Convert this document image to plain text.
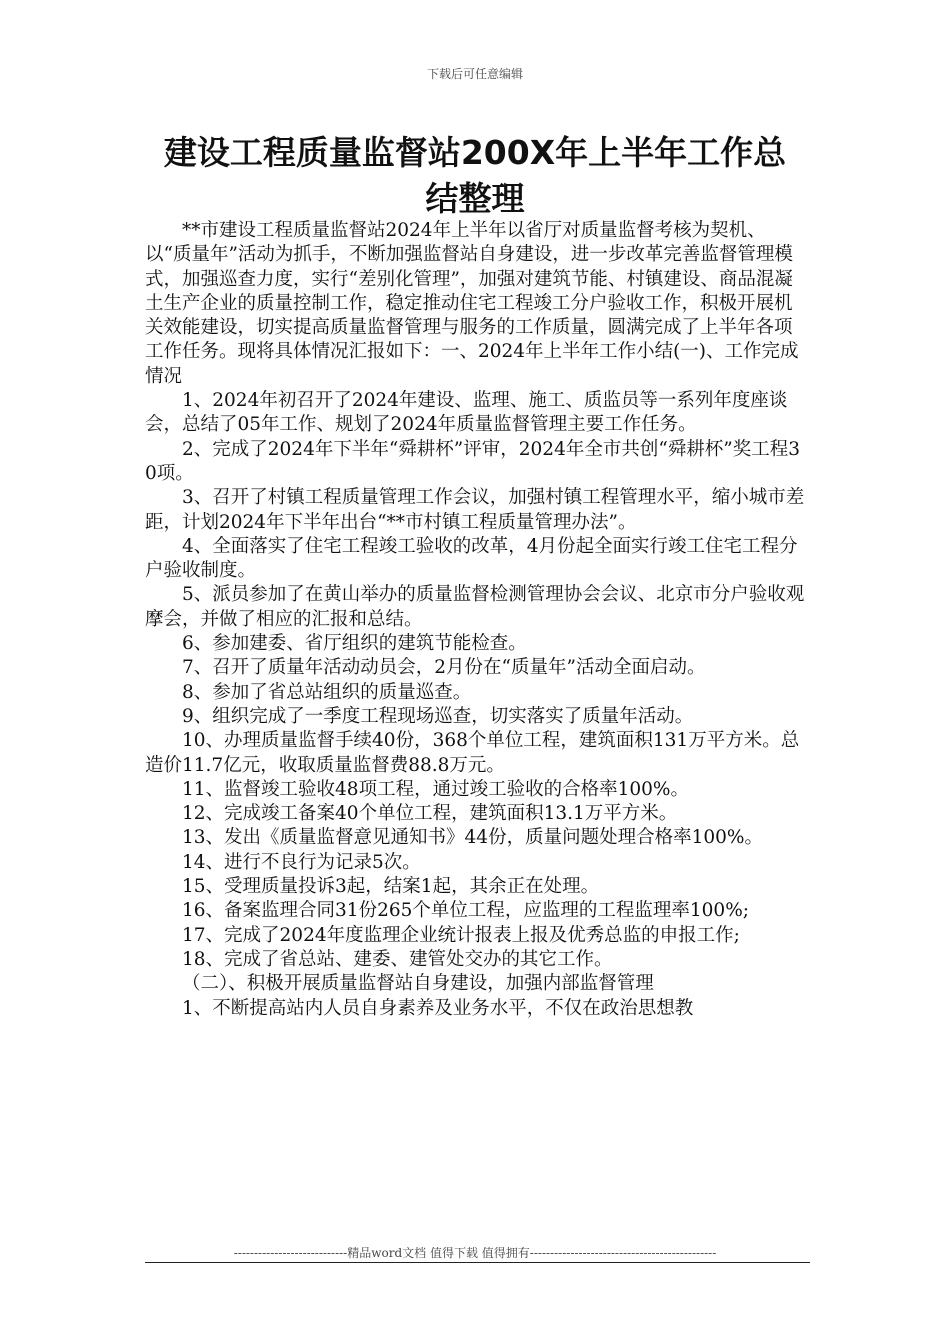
下载后可任意编辑
建设工程质量监督站200X年上半年工作总
结整理

**市建设工程质量监督站2024年上半年以省厅对质量监督考核为契机、以“质量年”活动为抓手，不断加强监督站自身建设，进一步改革完善监督管理模式，加强巡查力度，实行“差别化管理”，加强对建筑节能、村镇建设、商品混凝土生产企业的质量控制工作，稳定推动住宅工程竣工分户验收工作，积极开展机关效能建设，切实提高质量监督管理与服务的工作质量，圆满完成了上半年各项工作任务。现将具体情况汇报如下：一、2024年上半年工作小结(一)、工作完成情况

1、2024年初召开了2024年建设、监理、施工、质监员等一系列年度座谈会，总结了05年工作、规划了2024年质量监督管理主要工作任务。

2、完成了2024年下半年“舜耕杯”评审，2024年全市共创“舜耕杯”奖工程30项。

3、召开了村镇工程质量管理工作会议，加强村镇工程管理水平，缩小城市差距，计划2024年下半年出台“**市村镇工程质量管理办法”。

4、全面落实了住宅工程竣工验收的改革，4月份起全面实行竣工住宅工程分户验收制度。

5、派员参加了在黄山举办的质量监督检测管理协会会议、北京市分户验收观摩会，并做了相应的汇报和总结。

6、参加建委、省厅组织的建筑节能检查。

7、召开了质量年活动动员会，2月份在“质量年”活动全面启动。

8、参加了省总站组织的质量巡查。

9、组织完成了一季度工程现场巡查，切实落实了质量年活动。

10、办理质量监督手续40份，368个单位工程，建筑面积131万平方米。总造价11.7亿元，收取质量监督费88.8万元。

11、监督竣工验收48项工程，通过竣工验收的合格率100%。

12、完成竣工备案40个单位工程，建筑面积13.1万平方米。

13、发出《质量监督意见通知书》44份，质量问题处理合格率100%。

14、进行不良行为记录5次。

15、受理质量投诉3起，结案1起，其余正在处理。

16、备案监理合同31份265个单位工程，应监理的工程监理率100%;

17、完成了2024年度监理企业统计报表上报及优秀总监的申报工作;

18、完成了省总站、建委、建管处交办的其它工作。

（二）、积极开展质量监督站自身建设，加强内部监督管理

1、不断提高站内人员自身素养及业务水平，不仅在政治思想教

----------------------------精品word文档 值得下载 值得拥有----------------------------------------------
